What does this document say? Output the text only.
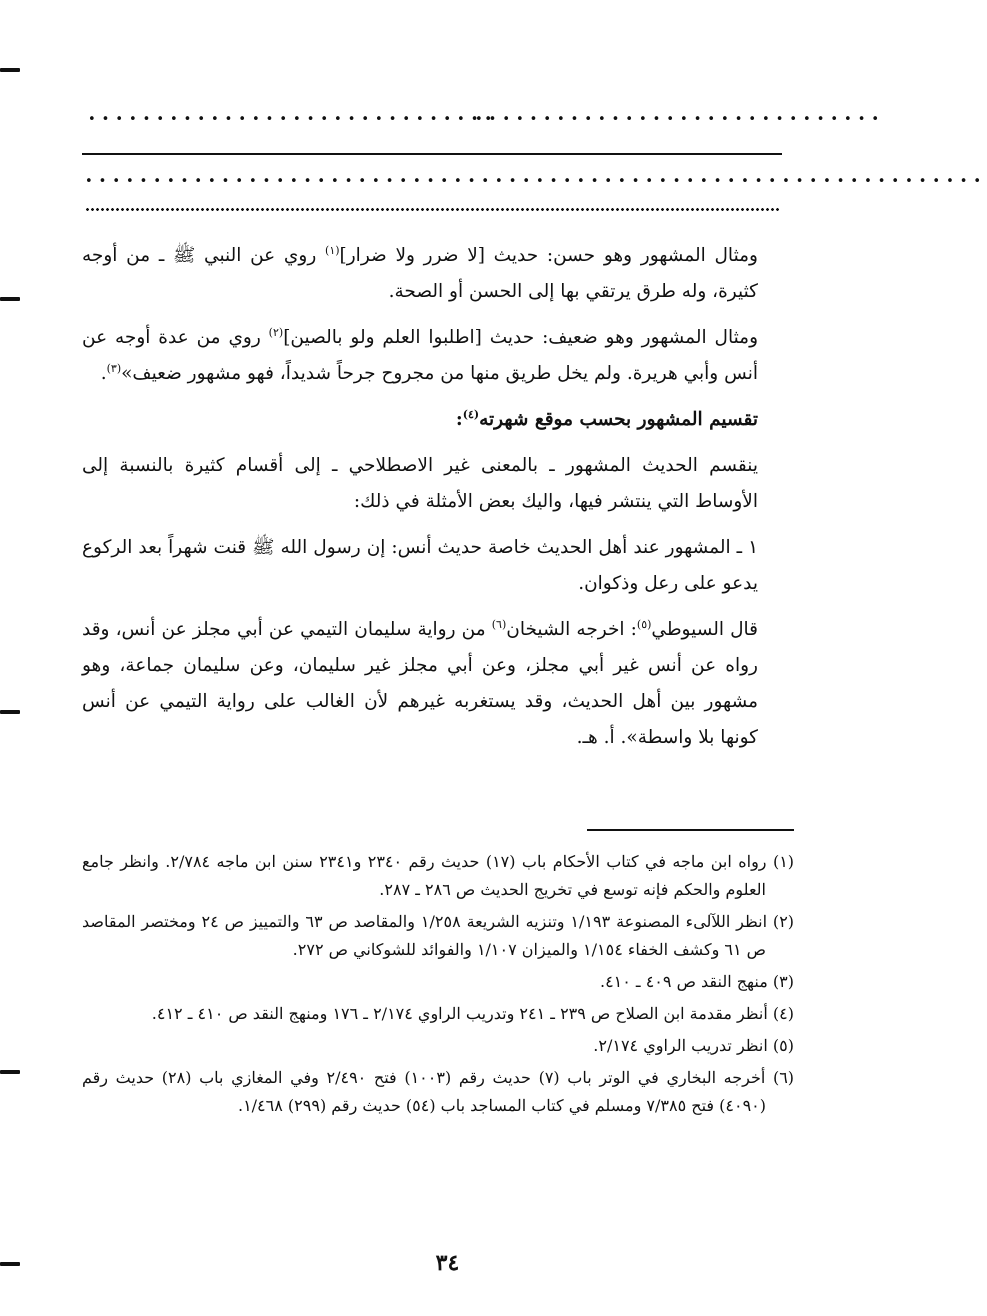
••••••••••••••••••••••••••••••
••••••••••••••••••••••••••••••
••••••••••••••••••••••••••••••••••••••••••••••••••••••••••••••••••

ومثال المشهور وهو حسن: حديث [لا ضرر ولا ضرار]$^{(١)}$ روي عن النبي ﷺ ـ من أوجه كثيرة، وله طرق يرتقي بها إلى الحسن أو الصحة.

ومثال المشهور وهو ضعيف: حديث [اطلبوا العلم ولو بالصين]$^{(٢)}$ روي من عدة أوجه عن أنس وأبي هريرة. ولم يخل طريق منها من مجروح جرحاً شديداً، فهو مشهور ضعيف»$^{(٣)}$.

تقسيم المشهور بحسب موقع شهرته$^{(٤)}$:

ينقسم الحديث المشهور ـ بالمعنى غير الاصطلاحي ـ إلى أقسام كثيرة بالنسبة إلى الأوساط التي ينتشر فيها، واليك بعض الأمثلة في ذلك:

١ ـ المشهور عند أهل الحديث خاصة حديث أنس: إن رسول الله ﷺ قنت شهراً بعد الركوع يدعو على رعل وذكوان.

قال السيوطي$^{(٥)}$: اخرجه الشيخان$^{(٦)}$ من رواية سليمان التيمي عن أبي مجلز عن أنس، وقد رواه عن أنس غير أبي مجلز، وعن أبي مجلز غير سليمان، وعن سليمان جماعة، وهو مشهور بين أهل الحديث، وقد يستغربه غيرهم لأن الغالب على رواية التيمي عن أنس كونها بلا واسطة». أ. هـ.

(١) رواه ابن ماجه في كتاب الأحكام باب (١٧) حديث رقم ٢٣٤٠ و٢٣٤١ سنن ابن ماجه ٢/٧٨٤. وانظر جامع العلوم والحكم فإنه توسع في تخريج الحديث ص ٢٨٦ ـ ٢٨٧.

(٢) انظر اللآلىء المصنوعة ١/١٩٣ وتنزيه الشريعة ١/٢٥٨ والمقاصد ص ٦٣ والتمييز ص ٢٤ ومختصر المقاصد ص ٦١ وكشف الخفاء ١/١٥٤ والميزان ١/١٠٧ والفوائد للشوكاني ص ٢٧٢.

(٣) منهج النقد ص ٤٠٩ ـ ٤١٠.

(٤) أنظر مقدمة ابن الصلاح ص ٢٣٩ ـ ٢٤١ وتدريب الراوي ٢/١٧٤ ـ ١٧٦ ومنهج النقد ص ٤١٠ ـ ٤١٢.

(٥) انظر تدريب الراوي ٢/١٧٤.

(٦) أخرجه البخاري في الوتر باب (٧) حديث رقم (١٠٠٣) فتح ٢/٤٩٠ وفي المغازي باب (٢٨) حديث رقم (٤٠٩٠) فتح ٧/٣٨٥ ومسلم في كتاب المساجد باب (٥٤) حديث رقم (٢٩٩) ١/٤٦٨.

٣٤
